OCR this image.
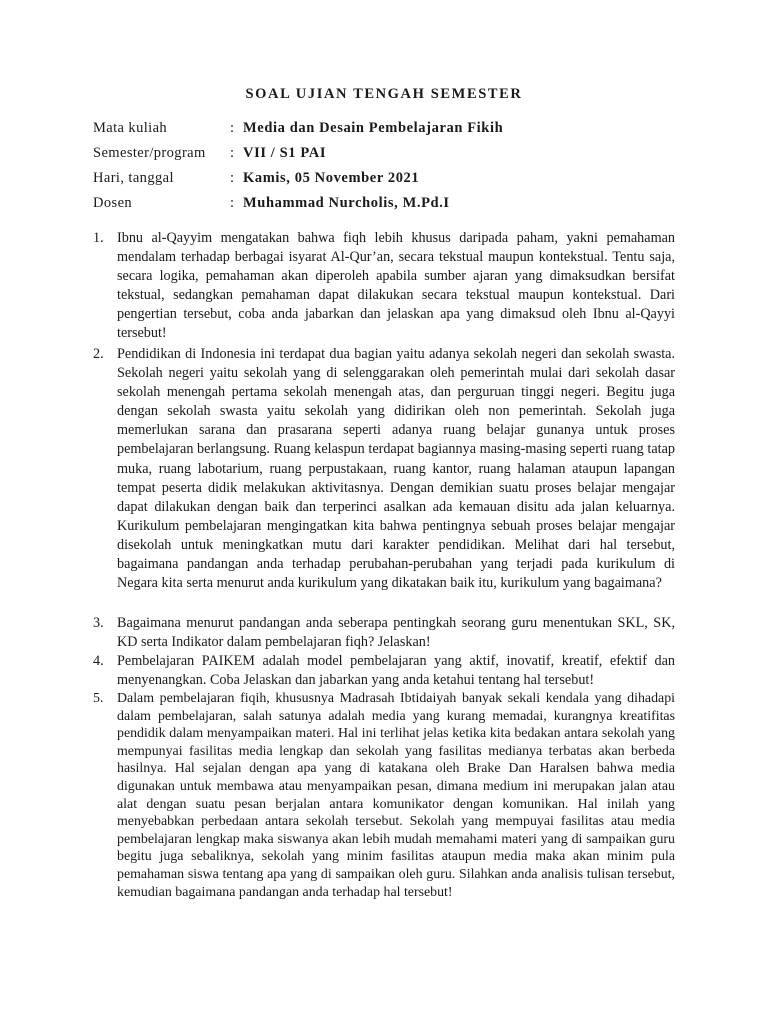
SOAL UJIAN TENGAH SEMESTER
Mata kuliah	: Media dan Desain Pembelajaran Fikih
Semester/program : VII / S1 PAI
Hari, tanggal	: Kamis, 05 November 2021
Dosen	: Muhammad Nurcholis, M.Pd.I
1. Ibnu al-Qayyim mengatakan bahwa fiqh lebih khusus daripada paham, yakni pemahaman mendalam terhadap berbagai isyarat Al-Qur’an, secara tekstual maupun kontekstual. Tentu saja, secara logika, pemahaman akan diperoleh apabila sumber ajaran yang dimaksudkan bersifat tekstual, sedangkan pemahaman dapat dilakukan secara tekstual maupun kontekstual. Dari pengertian tersebut, coba anda jabarkan dan jelaskan apa yang dimaksud oleh Ibnu al-Qayyi tersebut!
2. Pendidikan di Indonesia ini terdapat dua bagian yaitu adanya sekolah negeri dan sekolah swasta. Sekolah negeri yaitu sekolah yang di selenggarakan oleh pemerintah mulai dari sekolah dasar sekolah menengah pertama sekolah menengah atas, dan perguruan tinggi negeri. Begitu juga dengan sekolah swasta yaitu sekolah yang didirikan oleh non pemerintah. Sekolah juga memerlukan sarana dan prasarana seperti adanya ruang belajar gunanya untuk proses pembelajaran berlangsung. Ruang kelaspun terdapat bagiannya masing-masing seperti ruang tatap muka, ruang labotarium, ruang perpustakaan, ruang kantor, ruang halaman ataupun lapangan tempat peserta didik melakukan aktivitasnya. Dengan demikian suatu proses belajar mengajar dapat dilakukan dengan baik dan terperinci asalkan ada kemauan disitu ada jalan keluarnya. Kurikulum pembelajaran mengingatkan kita bahwa pentingnya sebuah proses belajar mengajar disekolah untuk meningkatkan mutu dari karakter pendidikan. Melihat dari hal tersebut, bagaimana pandangan anda terhadap perubahan-perubahan yang terjadi pada kurikulum di Negara kita serta menurut anda kurikulum yang dikatakan baik itu, kurikulum yang bagaimana?
3. Bagaimana menurut pandangan anda seberapa pentingkah seorang guru menentukan SKL, SK, KD serta Indikator dalam pembelajaran fiqh? Jelaskan!
4. Pembelajaran PAIKEM adalah model pembelajaran yang aktif, inovatif, kreatif, efektif dan menyenangkan. Coba Jelaskan dan jabarkan yang anda ketahui tentang hal tersebut!
5. Dalam pembelajaran fiqih, khususnya Madrasah Ibtidaiyah banyak sekali kendala yang dihadapi dalam pembelajaran, salah satunya adalah media yang kurang memadai, kurangnya kreatifitas pendidik dalam menyampaikan materi. Hal ini terlihat jelas ketika kita bedakan antara sekolah yang mempunyai fasilitas media lengkap dan sekolah yang fasilitas medianya terbatas akan berbeda hasilnya. Hal sejalan dengan apa yang di katakana oleh Brake Dan Haralsen bahwa media digunakan untuk membawa atau menyampaikan pesan, dimana medium ini merupakan jalan atau alat dengan suatu pesan berjalan antara komunikator dengan komunikan. Hal inilah yang menyebabkan perbedaan antara sekolah tersebut. Sekolah yang mempuyai fasilitas atau media pembelajaran lengkap maka siswanya akan lebih mudah memahami materi yang di sampaikan guru begitu juga sebaliknya, sekolah yang minim fasilitas ataupun media maka akan minim pula pemahaman siswa tentang apa yang di sampaikan oleh guru. Silahkan anda analisis tulisan tersebut, kemudian bagaimana pandangan anda terhadap hal tersebut!
